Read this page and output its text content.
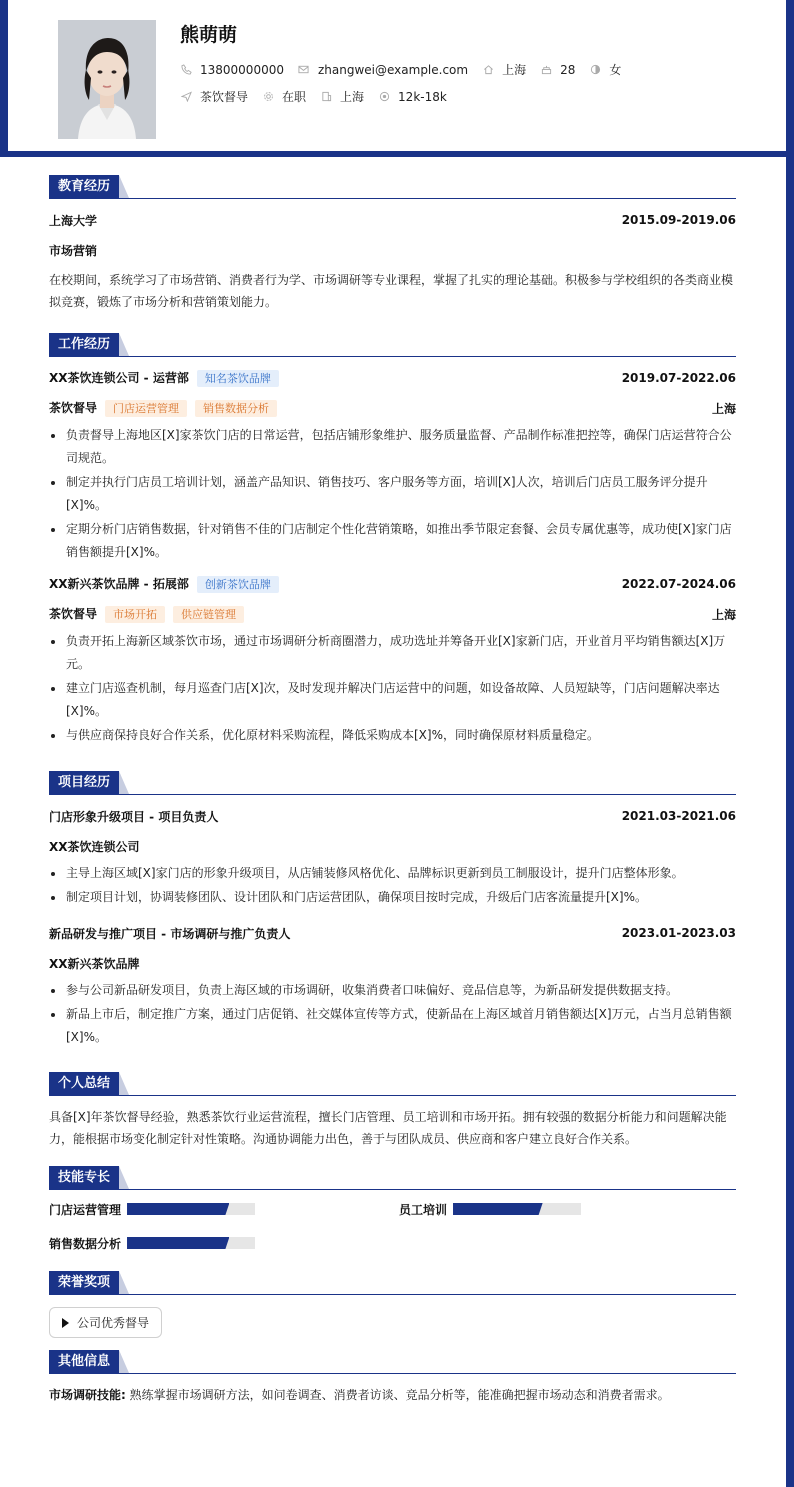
熊萌萌
13800000000	zhangwei@example.com	上海	28	女
茶饮督导	在职	上海	12k-18k
教育经历
上海大学	2015.09-2019.06
市场营销

在校期间，系统学习了市场营销、消费者行为学、市场调研等专业课程，掌握了扎实的理论基础。积极参与学校组织的各类商业模拟竞赛，锻炼了市场分析和营销策划能力。

工作经历
XX茶饮连锁公司 - 运营部 知名茶饮品牌	2019.07-2022.06
茶饮督导 门店运营管理 销售数据分析	上海
负责督导上海地区[X]家茶饮门店的日常运营，包括店铺形象维护、服务质量监督、产品制作标准把控等，确保门店运营符合公司规范。
制定并执行门店员工培训计划，涵盖产品知识、销售技巧、客户服务等方面，培训[X]人次，培训后门店员工服务评分提升[X]%。
定期分析门店销售数据，针对销售不佳的门店制定个性化营销策略，如推出季节限定套餐、会员专属优惠等，成功使[X]家门店销售额提升[X]%。
XX新兴茶饮品牌 - 拓展部 创新茶饮品牌	2022.07-2024.06
茶饮督导 市场开拓 供应链管理	上海
负责开拓上海新区域茶饮市场，通过市场调研分析商圈潜力，成功选址并筹备开业[X]家新门店，开业首月平均销售额达[X]万元。
建立门店巡查机制，每月巡查门店[X]次，及时发现并解决门店运营中的问题，如设备故障、人员短缺等，门店问题解决率达[X]%。
与供应商保持良好合作关系，优化原材料采购流程，降低采购成本[X]%，同时确保原材料质量稳定。
项目经历
门店形象升级项目 - 项目负责人	2021.03-2021.06
XX茶饮连锁公司
主导上海区域[X]家门店的形象升级项目，从店铺装修风格优化、品牌标识更新到员工制服设计，提升门店整体形象。
制定项目计划，协调装修团队、设计团队和门店运营团队，确保项目按时完成，升级后门店客流量提升[X]%。
新品研发与推广项目 - 市场调研与推广负责人	2023.01-2023.03
XX新兴茶饮品牌
参与公司新品研发项目，负责上海区域的市场调研，收集消费者口味偏好、竞品信息等，为新品研发提供数据支持。
新品上市后，制定推广方案，通过门店促销、社交媒体宣传等方式，使新品在上海区域首月销售额达[X]万元，占当月总销售额[X]%。
个人总结

具备[X]年茶饮督导经验，熟悉茶饮行业运营流程，擅长门店管理、员工培训和市场开拓。拥有较强的数据分析能力和问题解决能力，能根据市场变化制定针对性策略。沟通协调能力出色，善于与团队成员、供应商和客户建立良好合作关系。

技能专长
门店运营管理	员工培训
销售数据分析
荣誉奖项
公司优秀督导
其他信息

市场调研技能: 熟练掌握市场调研方法，如问卷调查、消费者访谈、竞品分析等，能准确把握市场动态和消费者需求。
